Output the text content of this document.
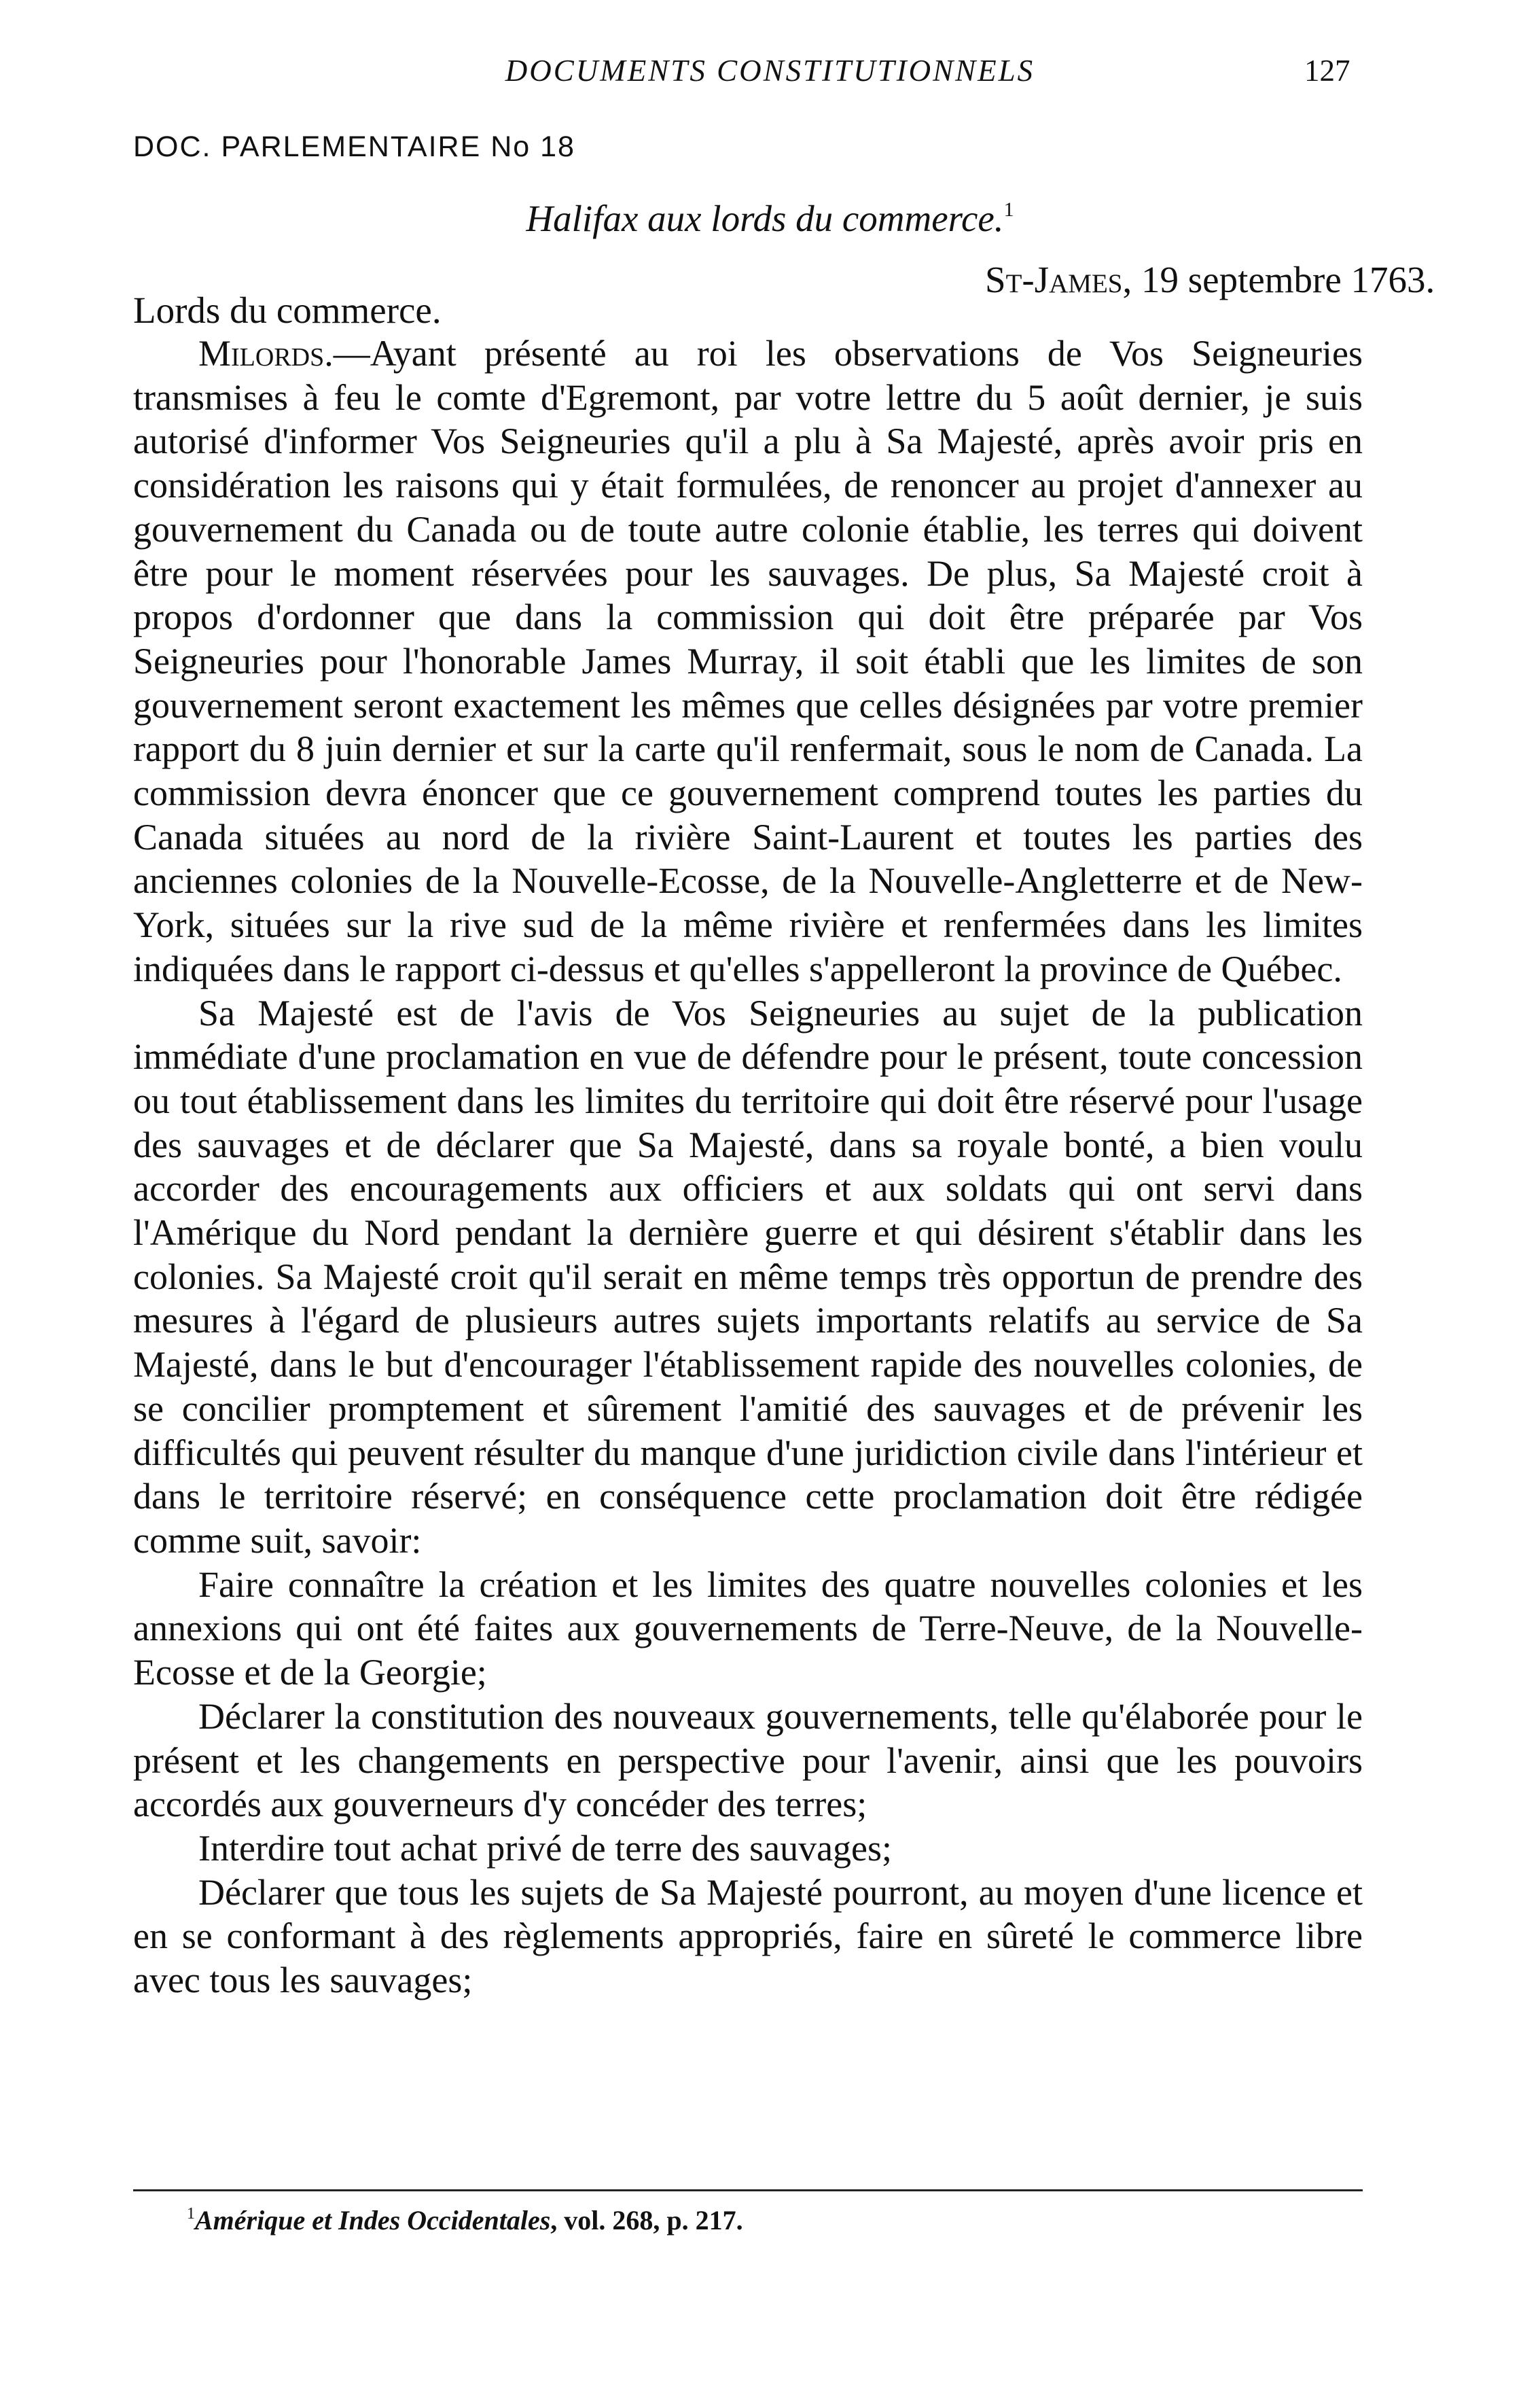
DOCUMENTS CONSTITUTIONNELS	127
DOC. PARLEMENTAIRE No 18
Halifax aux lords du commerce.$^1$
St-James, 19 septembre 1763.
Lords du commerce.

Milords.—Ayant présenté au roi les observations de Vos Seigneuries transmises à feu le comte d'Egremont, par votre lettre du 5 août dernier, je suis autorisé d'informer Vos Seigneuries qu'il a plu à Sa Majesté, après avoir pris en considération les raisons qui y était formulées, de renoncer au projet d'annexer au gouvernement du Canada ou de toute autre colonie établie, les terres qui doivent être pour le moment réservées pour les sauvages. De plus, Sa Majesté croit à propos d'ordonner que dans la commission qui doit être préparée par Vos Seigneuries pour l'honorable James Murray, il soit établi que les limites de son gouvernement seront exactement les mêmes que celles désignées par votre premier rapport du 8 juin dernier et sur la carte qu'il renfermait, sous le nom de Canada. La commission devra énoncer que ce gouvernement comprend toutes les parties du Canada situées au nord de la rivière Saint-Laurent et toutes les parties des anciennes colonies de la Nouvelle-Ecosse, de la Nouvelle-Angletterre et de New-York, situées sur la rive sud de la même rivière et renfermées dans les limites indiquées dans le rapport ci-dessus et qu'elles s'appelleront la province de Québec.

Sa Majesté est de l'avis de Vos Seigneuries au sujet de la publication immédiate d'une proclamation en vue de défendre pour le présent, toute concession ou tout établissement dans les limites du territoire qui doit être réservé pour l'usage des sauvages et de déclarer que Sa Majesté, dans sa royale bonté, a bien voulu accorder des encouragements aux officiers et aux soldats qui ont servi dans l'Amérique du Nord pendant la dernière guerre et qui désirent s'établir dans les colonies. Sa Majesté croit qu'il serait en même temps très opportun de prendre des mesures à l'égard de plusieurs autres sujets importants relatifs au service de Sa Majesté, dans le but d'encourager l'établissement rapide des nouvelles colonies, de se concilier promptement et sûrement l'amitié des sauvages et de prévenir les difficultés qui peuvent résulter du manque d'une juridiction civile dans l'intérieur et dans le territoire réservé; en conséquence cette proclamation doit être rédigée comme suit, savoir:

Faire connaître la création et les limites des quatre nouvelles colonies et les annexions qui ont été faites aux gouvernements de Terre-Neuve, de la Nouvelle-Ecosse et de la Georgie;

Déclarer la constitution des nouveaux gouvernements, telle qu'élaborée pour le présent et les changements en perspective pour l'avenir, ainsi que les pouvoirs accordés aux gouverneurs d'y concéder des terres;

Interdire tout achat privé de terre des sauvages;

Déclarer que tous les sujets de Sa Majesté pourront, au moyen d'une licence et en se conformant à des règlements appropriés, faire en sûreté le commerce libre avec tous les sauvages;

$^1$Amérique et Indes Occidentales, vol. 268, p. 217.
